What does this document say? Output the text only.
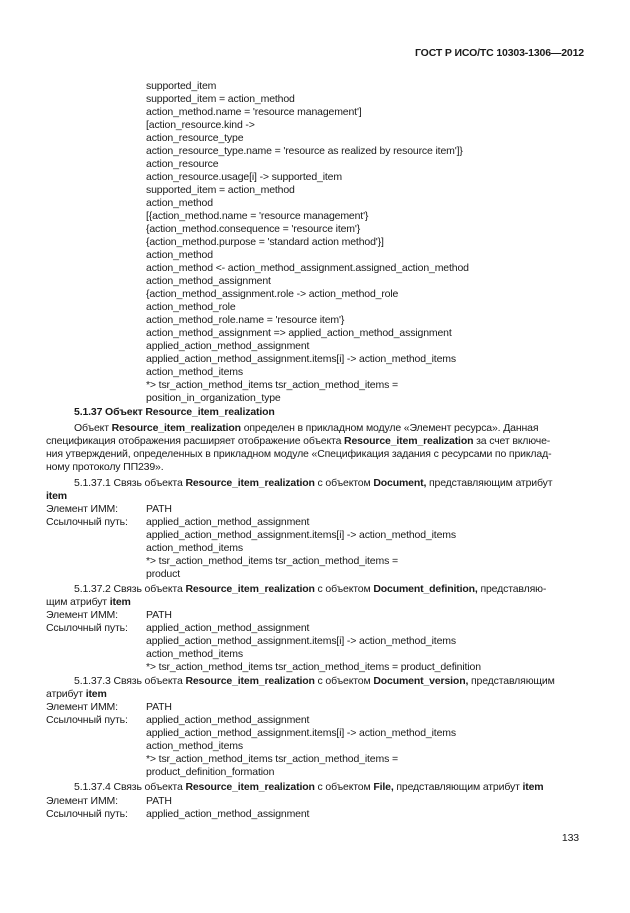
ГОСТ Р ИСО/ТС 10303-1306—2012
supported_item
supported_item = action_method
action_method.name = 'resource management']
[action_resource.kind ->
action_resource_type
action_resource_type.name = 'resource as realized by resource item']}
action_resource
action_resource.usage[i] -> supported_item
supported_item = action_method
action_method
[{action_method.name = 'resource management'}
{action_method.consequence = 'resource item'}
{action_method.purpose = 'standard action method'}]
action_method
action_method <- action_method_assignment.assigned_action_method
action_method_assignment
{action_method_assignment.role -> action_method_role
action_method_role
action_method_role.name = 'resource item'}
action_method_assignment => applied_action_method_assignment
applied_action_method_assignment
applied_action_method_assignment.items[i] -> action_method_items
action_method_items
*> tsr_action_method_items tsr_action_method_items =
position_in_organization_type
5.1.37 Объект Resource_item_realization
Объект Resource_item_realization определен в прикладном модуле «Элемент ресурса». Данная
спецификация отображения расширяет отображение объекта Resource_item_realization за счет включе-
ния утверждений, определенных в прикладном модуле «Спецификация задания с ресурсами по приклад-
ному протоколу ПП239».
5.1.37.1 Связь объекта Resource_item_realization с объектом Document, представляющим атрибут
item
Элемент ИММ:	PATH
Ссылочный путь: applied_action_method_assignment
applied_action_method_assignment.items[i] -> action_method_items
action_method_items
*> tsr_action_method_items tsr_action_method_items =
product
5.1.37.2 Связь объекта Resource_item_realization с объектом Document_definition, представляю-
щим атрибут item
Элемент ИММ:	PATH
Ссылочный путь: applied_action_method_assignment
applied_action_method_assignment.items[i] -> action_method_items
action_method_items
*> tsr_action_method_items tsr_action_method_items = product_definition
5.1.37.3 Связь объекта Resource_item_realization с объектом Document_version, представляющим
атрибут item
Элемент ИММ:	PATH
Ссылочный путь: applied_action_method_assignment
applied_action_method_assignment.items[i] -> action_method_items
action_method_items
*> tsr_action_method_items tsr_action_method_items =
product_definition_formation
5.1.37.4 Связь объекта Resource_item_realization с объектом File, представляющим атрибут item
Элемент ИММ:	PATH
Ссылочный путь: applied_action_method_assignment
133
